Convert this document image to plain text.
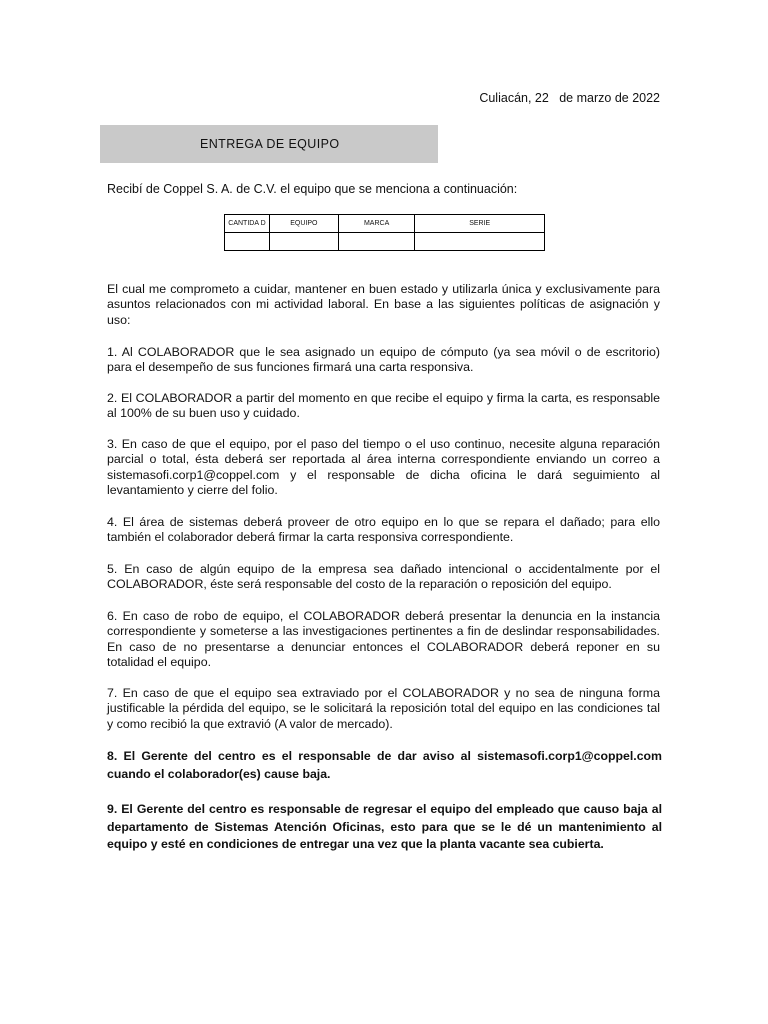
Culiacán, 22   de marzo de 2022
ENTREGA DE EQUIPO
Recibí de Coppel S. A. de C.V. el equipo que se menciona a continuación:
CANTIDA D	EQUIPO	MARCA	SERIE

El cual me comprometo a cuidar, mantener en buen estado y utilizarla única y exclusivamente para asuntos relacionados con mi actividad laboral. En base a las siguientes políticas de asignación y uso:
1. Al COLABORADOR que le sea asignado un equipo de cómputo (ya sea móvil o de escritorio) para el desempeño de sus funciones firmará una carta responsiva.
2. El COLABORADOR a partir del momento en que recibe el equipo y firma la carta, es responsable al 100% de su buen uso y cuidado.
3. En caso de que el equipo, por el paso del tiempo o el uso continuo, necesite alguna reparación parcial o total, ésta deberá ser reportada al área interna correspondiente enviando un correo a sistemasofi.corp1@coppel.com y el responsable de dicha oficina le dará seguimiento al levantamiento y cierre del folio.
4. El área de sistemas deberá proveer de otro equipo en lo que se repara el dañado; para ello también el colaborador deberá firmar la carta responsiva correspondiente.
5. En caso de algún equipo de la empresa sea dañado intencional o accidentalmente por el COLABORADOR, éste será responsable del costo de la reparación o reposición del equipo.
6. En caso de robo de equipo, el COLABORADOR deberá presentar la denuncia en la instancia correspondiente y someterse a las investigaciones pertinentes a fin de deslindar responsabilidades. En caso de no presentarse a denunciar entonces el COLABORADOR deberá reponer en su totalidad el equipo.
7. En caso de que el equipo sea extraviado por el COLABORADOR y no sea de ninguna forma justificable la pérdida del equipo, se le solicitará la reposición total del equipo en las condiciones tal y como recibió la que extravió (A valor de mercado).
8. El Gerente del centro es el responsable de dar aviso al sistemasofi.corp1@coppel.com cuando el colaborador(es) cause baja.
9. El Gerente del centro es responsable de regresar el equipo del empleado que causo baja al departamento de Sistemas Atención Oficinas, esto para que se le dé un mantenimiento al equipo y esté en condiciones de entregar una vez que la planta vacante sea cubierta.
